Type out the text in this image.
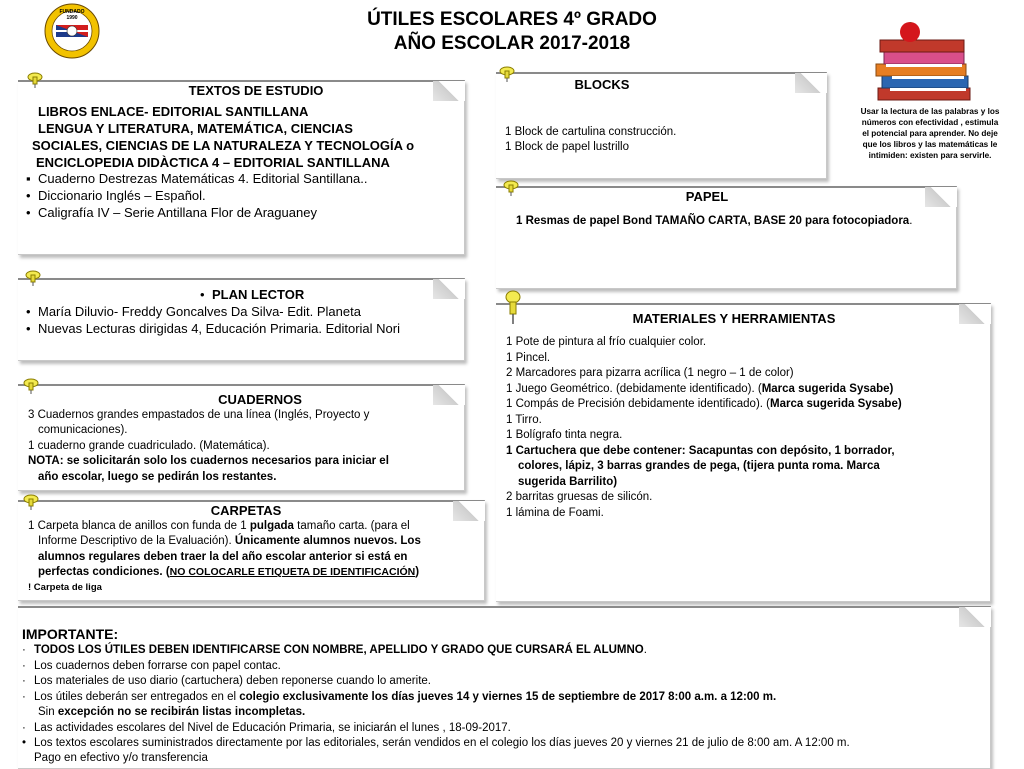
FUNDADO 1990	ÚTILES ESCOLARES 4º GRADO
AÑO ESCOLAR 2017-2018
Usar la lectura de las palabras y los
números con efectividad , estimula
el potencial para aprender. No deje
que los libros y las matemáticas le
intimiden: existen para servirle.
TEXTOS DE ESTUDIO
LIBROS ENLACE- EDITORIAL SANTILLANA
LENGUA Y LITERATURA, MATEMÁTICA, CIENCIAS
SOCIALES, CIENCIAS DE LA NATURALEZA Y TECNOLOGÍA o
ENCICLOPEDIA DIDÀCTICA 4 – EDITORIAL SANTILLANA
▪ Cuaderno Destrezas Matemáticas 4. Editorial Santillana..
• Diccionario Inglés – Español.
• Caligrafía IV – Serie Antillana Flor de Araguaney
BLOCKS
1 Block de cartulina construcción.
1 Block de papel lustrillo
PAPEL
1 Resmas de papel Bond TAMAÑO CARTA, BASE 20 para fotocopiadora.
• PLAN LECTOR
• María Diluvio- Freddy Goncalves Da Silva- Edit. Planeta
• Nuevas Lecturas dirigidas 4, Educación Primaria. Editorial Nori
MATERIALES Y HERRAMIENTAS
1 Pote de pintura al frío cualquier color.
1 Pincel.
2 Marcadores para pizarra acrílica (1 negro – 1 de color)
1 Juego Geométrico. (debidamente identificado). (Marca sugerida Sysabe)
1 Compás de Precisión debidamente identificado). (Marca sugerida Sysabe)
1 Tirro.
1 Bolígrafo tinta negra.
1 Cartuchera que debe contener: Sacapuntas con depósito, 1 borrador,
colores, lápiz, 3 barras grandes de pega, (tijera punta roma. Marca
sugerida Barrilito)
2 barritas gruesas de silicón.
1 lámina de Foami.
CUADERNOS
3 Cuadernos grandes empastados de una línea (Inglés, Proyecto y
comunicaciones).
1 cuaderno grande cuadriculado. (Matemática).
NOTA: se solicitarán solo los cuadernos necesarios para iniciar el
año escolar, luego se pedirán los restantes.
CARPETAS
1 Carpeta blanca de anillos con funda de 1 pulgada tamaño carta. (para el
Informe Descriptivo de la Evaluación). Únicamente alumnos nuevos. Los
alumnos regulares deben traer la del año escolar anterior si está en
perfectas condiciones. (NO COLOCARLE ETIQUETA DE IDENTIFICACIÓN)
! Carpeta de liga
IMPORTANTE:
· TODOS LOS ÚTILES DEBEN IDENTIFICARSE CON NOMBRE, APELLIDO Y GRADO QUE CURSARÁ EL ALUMNO.
· Los cuadernos deben forrarse con papel contac.
· Los materiales de uso diario (cartuchera) deben reponerse cuando lo amerite.
· Los útiles deberán ser entregados en el colegio exclusivamente los días jueves 14 y viernes 15 de septiembre de 2017 8:00 a.m. a 12:00 m.
Sin excepción no se recibirán listas incompletas.
· Las actividades escolares del Nivel de Educación Primaria, se iniciarán el lunes , 18-09-2017.
• Los textos escolares suministrados directamente por las editoriales, serán vendidos en el colegio los días jueves 20 y viernes 21 de julio de 8:00 am. A 12:00 m.
Pago en efectivo y/o transferencia
